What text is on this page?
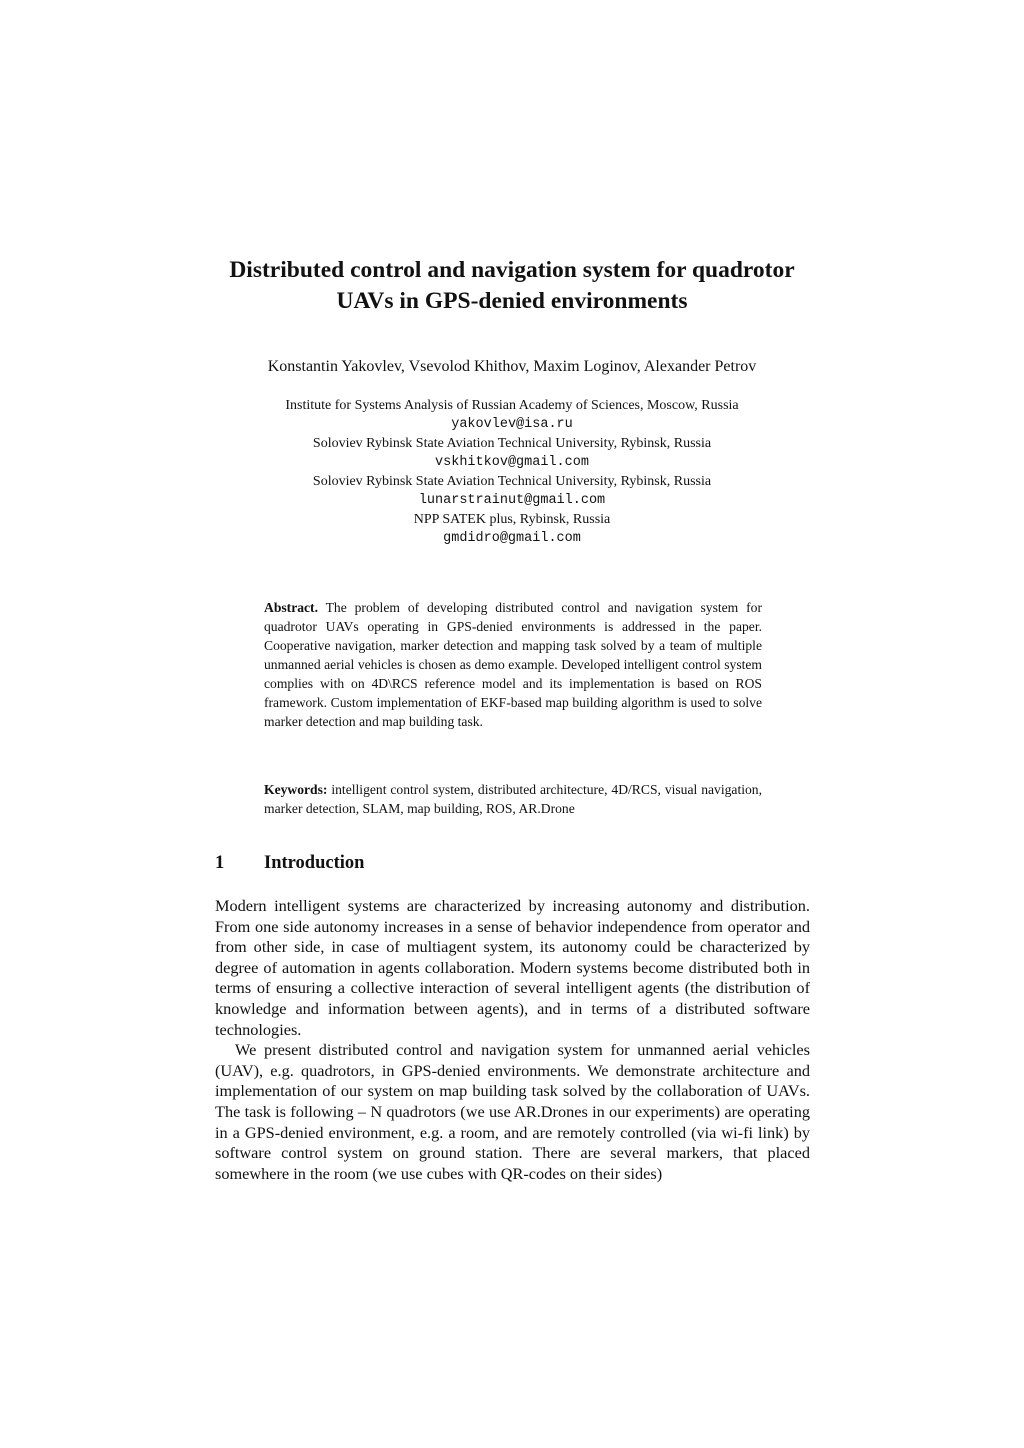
Distributed control and navigation system for quadrotor
UAVs in GPS-denied environments
Konstantin Yakovlev, Vsevolod Khithov, Maxim Loginov, Alexander Petrov
Institute for Systems Analysis of Russian Academy of Sciences, Moscow, Russia
yakovlev@isa.ru
Soloviev Rybinsk State Aviation Technical University, Rybinsk, Russia
vskhitkov@gmail.com
Soloviev Rybinsk State Aviation Technical University, Rybinsk, Russia
lunarstrainut@gmail.com
NPP SATEK plus, Rybinsk, Russia
gmdidro@gmail.com
Abstract. The problem of developing distributed control and navigation system for quadrotor UAVs operating in GPS-denied environments is addressed in the paper. Cooperative navigation, marker detection and mapping task solved by a team of multiple unmanned aerial vehicles is chosen as demo example. Developed intelligent control system complies with on 4D\RCS reference model and its implementation is based on ROS framework. Custom implementation of EKF-based map building algorithm is used to solve marker detection and map building task.
Keywords: intelligent control system, distributed architecture, 4D/RCS, visual navigation, marker detection, SLAM, map building, ROS, AR.Drone
1 Introduction

Modern intelligent systems are characterized by increasing autonomy and distribution. From one side autonomy increases in a sense of behavior independence from operator and from other side, in case of multiagent system, its autonomy could be characterized by degree of automation in agents collaboration. Modern systems become distributed both in terms of ensuring a collective interaction of several intelligent agents (the distribution of knowledge and information between agents), and in terms of a distributed software technologies.

We present distributed control and navigation system for unmanned aerial vehicles (UAV), e.g. quadrotors, in GPS-denied environments. We demonstrate architecture and implementation of our system on map building task solved by the collaboration of UAVs. The task is following – N quadrotors (we use AR.Drones in our experiments) are operating in a GPS-denied environment, e.g. a room, and are remotely controlled (via wi-fi link) by software control system on ground station. There are several markers, that placed somewhere in the room (we use cubes with QR-codes on their sides)
